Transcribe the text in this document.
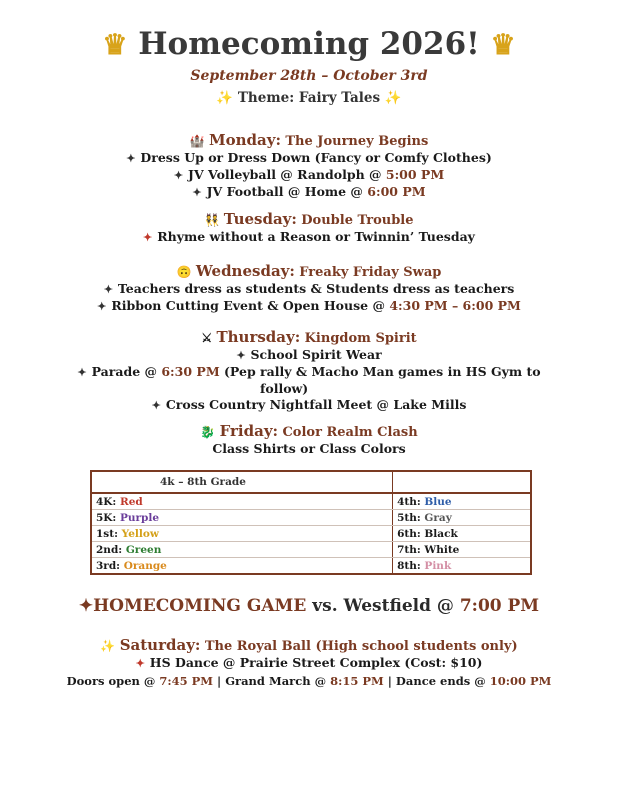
♛ Homecoming 2026! ♛
September 28th – October 3rd
✨ Theme: Fairy Tales ✨
🏰 Monday: The Journey Begins
✦ Dress Up or Dress Down (Fancy or Comfy Clothes)
✦ JV Volleyball @ Randolph @ 5:00 PM
✦ JV Football @ Home @ 6:00 PM
👯 Tuesday: Double Trouble
✦ Rhyme without a Reason or Twinnin’ Tuesday
🙃 Wednesday: Freaky Friday Swap
✦ Teachers dress as students & Students dress as teachers
✦ Ribbon Cutting Event & Open House @ 4:30 PM – 6:00 PM
⚔ Thursday: Kingdom Spirit
✦ School Spirit Wear
✦ Parade @ 6:30 PM (Pep rally & Macho Man games in HS Gym to
follow)
✦ Cross Country Nightfall Meet @ Lake Mills
🐉 Friday: Color Realm Clash
Class Shirts or Class Colors
4k – 8th Grade	
4K: Red	4th: Blue
5K: Purple	5th: Gray
1st: Yellow	6th: Black
2nd: Green	7th: White
3rd: Orange	8th: Pink
✦HOMECOMING GAME vs. Westfield @ 7:00 PM
✨ Saturday: The Royal Ball (High school students only)
✦ HS Dance @ Prairie Street Complex (Cost: $10)
Doors open @ 7:45 PM | Grand March @ 8:15 PM | Dance ends @ 10:00 PM
